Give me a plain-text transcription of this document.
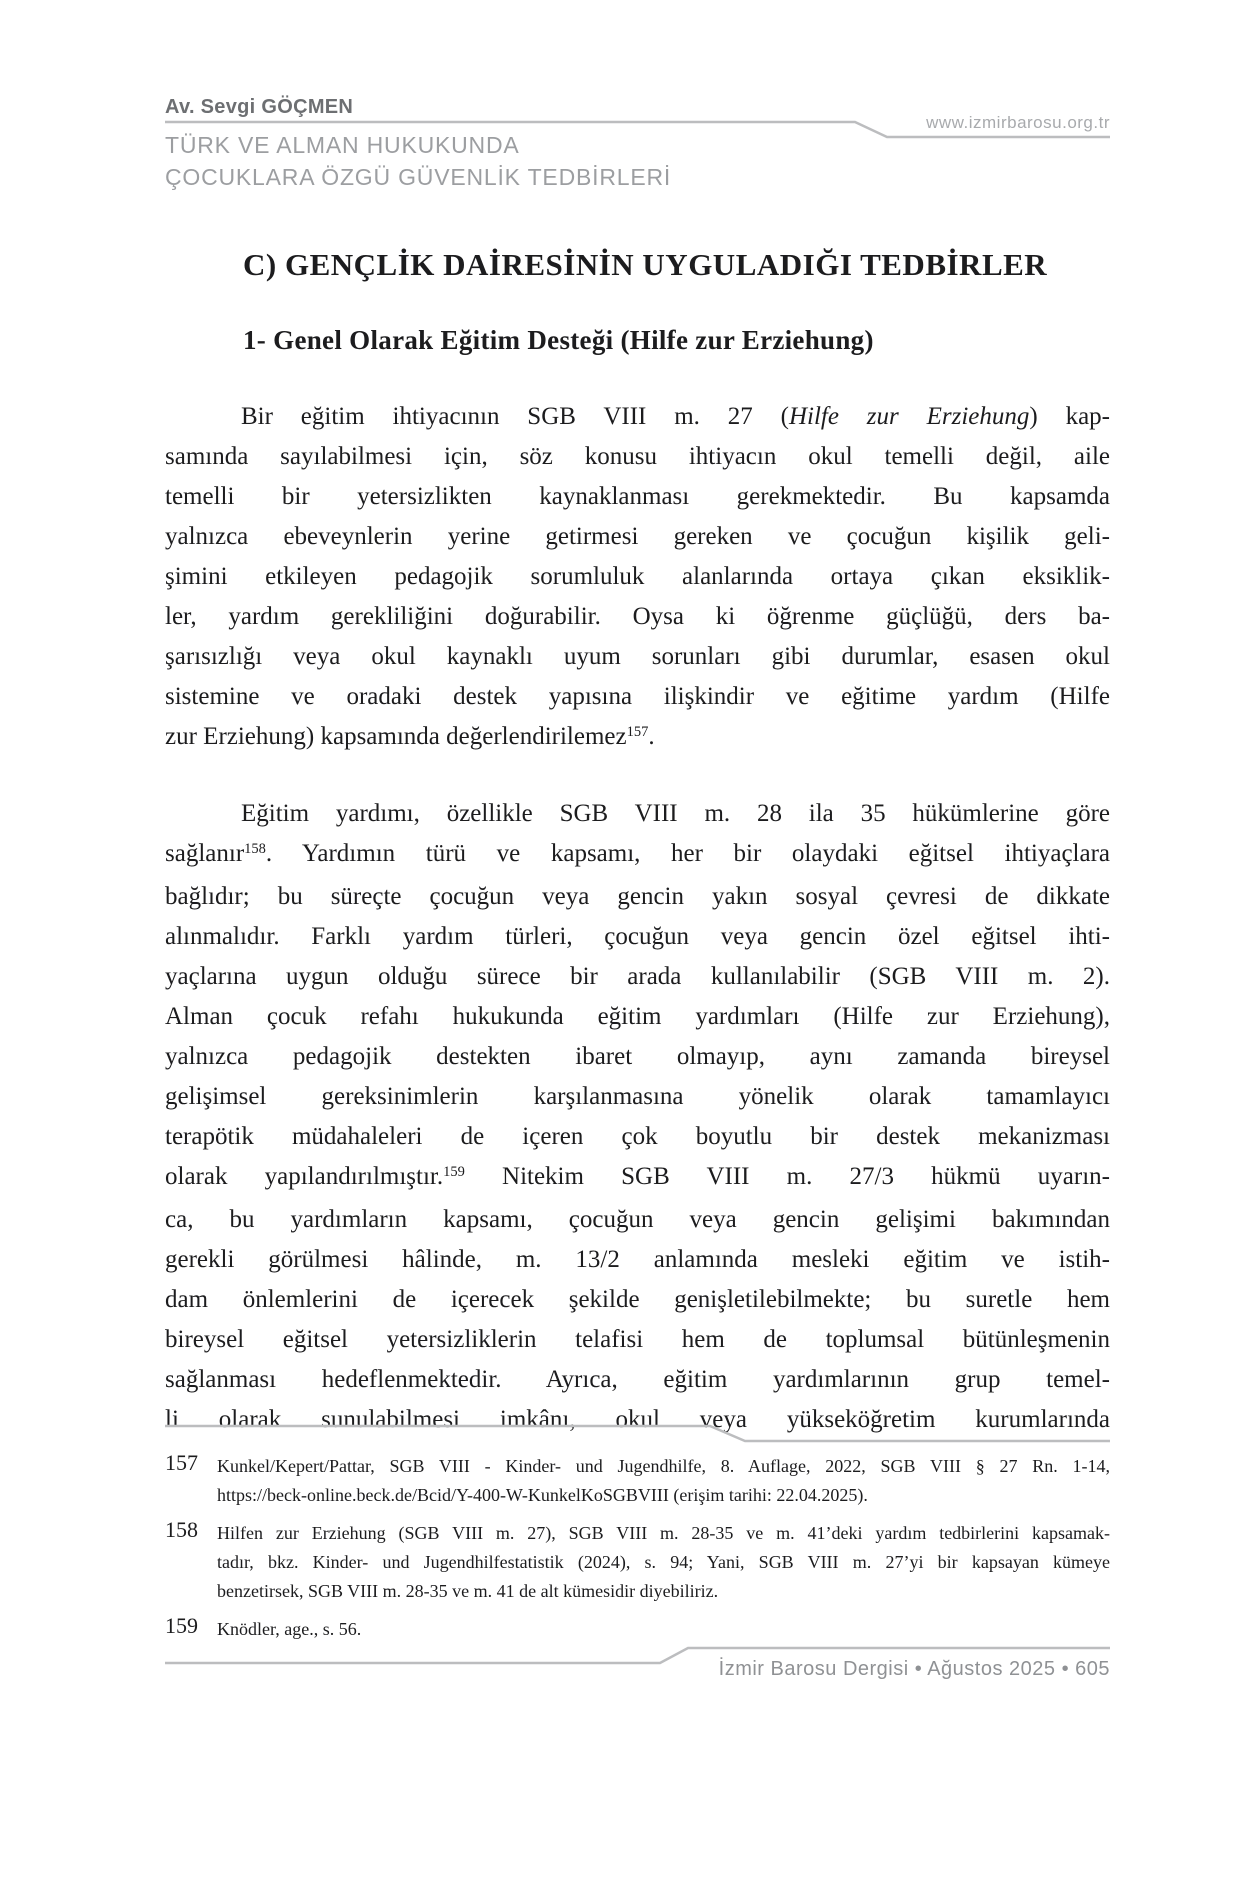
Av. Sevgi GÖÇMEN
www.izmirbarosu.org.tr
TÜRK VE ALMAN HUKUKUNDA
ÇOCUKLARA ÖZGÜ GÜVENLİK TEDBİRLERİ
C) GENÇLİK DAİRESİNİN UYGULADIĞI TEDBİRLER
1- Genel Olarak Eğitim Desteği (Hilfe zur Erziehung)
Bir eğitim ihtiyacının SGB VIII m. 27 (Hilfe zur Erziehung) kap-
samında sayılabilmesi için, söz konusu ihtiyacın okul temelli değil, aile
temelli bir yetersizlikten kaynaklanması gerekmektedir. Bu kapsamda
yalnızca ebeveynlerin yerine getirmesi gereken ve çocuğun kişilik geli-
şimini etkileyen pedagojik sorumluluk alanlarında ortaya çıkan eksiklik-
ler, yardım gerekliliğini doğurabilir. Oysa ki öğrenme güçlüğü, ders ba-
şarısızlığı veya okul kaynaklı uyum sorunları gibi durumlar, esasen okul
sistemine ve oradaki destek yapısına ilişkindir ve eğitime yardım (Hilfe
zur Erziehung) kapsamında değerlendirilemez$^{157}$.
Eğitim yardımı, özellikle SGB VIII m. 28 ila 35 hükümlerine göre
sağlanır$^{158}$. Yardımın türü ve kapsamı, her bir olaydaki eğitsel ihtiyaçlara
bağlıdır; bu süreçte çocuğun veya gencin yakın sosyal çevresi de dikkate
alınmalıdır. Farklı yardım türleri, çocuğun veya gencin özel eğitsel ihti-
yaçlarına uygun olduğu sürece bir arada kullanılabilir (SGB VIII m. 2).
Alman çocuk refahı hukukunda eğitim yardımları (Hilfe zur Erziehung),
yalnızca pedagojik destekten ibaret olmayıp, aynı zamanda bireysel
gelişimsel gereksinimlerin karşılanmasına yönelik olarak tamamlayıcı
terapötik müdahaleleri de içeren çok boyutlu bir destek mekanizması
olarak yapılandırılmıştır.$^{159}$ Nitekim SGB VIII m. 27/3 hükmü uyarın-
ca, bu yardımların kapsamı, çocuğun veya gencin gelişimi bakımından
gerekli görülmesi hâlinde, m. 13/2 anlamında mesleki eğitim ve istih-
dam önlemlerini de içerecek şekilde genişletilebilmekte; bu suretle hem
bireysel eğitsel yetersizliklerin telafisi hem de toplumsal bütünleşmenin
sağlanması hedeflenmektedir. Ayrıca, eğitim yardımlarının grup temel-
li olarak sunulabilmesi imkânı, okul veya yükseköğretim kurumlarında
157	Kunkel/Kepert/Pattar, SGB VIII - Kinder- und Jugendhilfe, 8. Auflage, 2022, SGB VIII § 27 Rn. 1-14,
https://beck-online.beck.de/Bcid/Y-400-W-KunkelKoSGBVIII (erişim tarihi: 22.04.2025).
158	Hilfen zur Erziehung (SGB VIII m. 27), SGB VIII m. 28-35 ve m. 41’deki yardım tedbirlerini kapsamak-
tadır, bkz. Kinder- und Jugendhilfestatistik (2024), s. 94; Yani, SGB VIII m. 27’yi bir kapsayan kümeye
benzetirsek, SGB VIII m. 28-35 ve m. 41 de alt kümesidir diyebiliriz.
159	Knödler, age., s. 56.
İzmir Barosu Dergisi • Ağustos 2025 • 605
